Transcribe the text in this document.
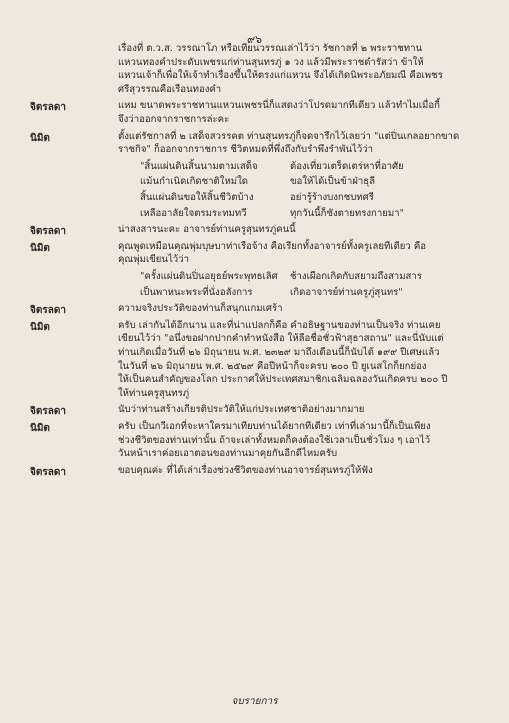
๙๖
เรื่องที่ ต.ว.ส. วรรณาโภ หรือเทียนวรรณเล่าไว้ว่า รัชกาลที่ ๒ พระราชทาน
แหวนทองคำประดับเพชรแก่ท่านสุนทรภู่ ๑ วง แล้วมีพระราชดำรัสว่า ข้าให้
แหวนเจ้าก็เพื่อให้เจ้าทำเรื่องขึ้นให้ตรงแก่แหวน จึงได้เกิดนิพระอภัยมณี คือเพชร
ศรีสุวรรณคือเรือนทองคำ
จิตรลดา	แหม ขนาดพระราชทานแหวนเพชรนี่ก็แสดงว่าโปรดมากทีเดียว แล้วทำไมเมื่อกี้
จึงว่าออกจากราชการล่ะคะ
นิมิต	ตั้งแต่รัชกาลที่ ๒ เสด็จสวรรคต ท่านสุนทรภู่ก็จดจารึกไว้เลยว่า "แต่ปิ่นเกลอยากขาด
ราชกิจ" ก็ออกจากราชการ ชีวิตหมดที่พึ่งถึงกับรำพึงรำพันไว้ว่า
"สิ้นแผ่นดินสิ้นนามตามเสด็จ	ต้องเที่ยวเตร็ดเตร่หาที่อาศัย
แม้นกำเนิดเกิดชาติใหม่ใด	ขอให้ได้เป็นข้าฝ่าธุลี
สิ้นแผ่นดินขอให้สิ้นชีวิตบ้าง	อย่ารู้ร้างบงกชบทศรี
เหลืออาลัยใจตรมระทมทวี	ทุกวันนี้ก็ซังตายทรงกายมา"
จิตรลดา	น่าสงสารนะคะ อาจารย์ท่านครูสุนทรภู่คนนี้
นิมิต	คุณพูดเหมือนคุณพุ่มบุษบาท่าเรือจ้าง คือเรียกทั้งอาจารย์ทั้งครูเลยทีเดียว คือ
คุณพุ่มเขียนไว้ว่า
"ครั้งแผ่นดินปิ่นอยุธย์พระพุทธเลิศ ช้างเผือกเกิดกับสยามถึงสามสาร
เป็นพาหนะพระที่นั่งอลังการ	เกิดอาจารย์ท่านครูภู่สุนทร"
จิตรลดา	ความจริงประวัติของท่านก็สนุกแกมเศร้า
นิมิต	ครับ เล่ากันได้อีกนาน และที่น่าแปลกก็คือ คำอธิษฐานของท่านเป็นจริง ท่านเคย
เขียนไว้ว่า "อนึ่งขอฝากปากคำทำหนังสือ ให้ลือชื่อชั่วฟ้าสุธาสถาน" และนี่นับแต่
ท่านเกิดเมื่อวันที่ ๒๖ มิถุนายน พ.ศ. ๒๓๒๙ มาถึงเดือนนี้ก็นับได้ ๑๙๙ ปีเศษแล้ว
ในวันที่ ๒๖ มิถุนายน พ.ศ. ๒๕๒๙ คือปีหน้าก็จะครบ ๒๐๐ ปี ยูเนสโกก็ยกย่อง
ให้เป็นคนสำคัญของโลก ประกาศให้ประเทศสมาชิกเฉลิมฉลองวันเกิดครบ ๒๐๐ ปี
ให้ท่านครูสุนทรภู่
จิตรลดา	นับว่าท่านสร้างเกียรติประวัติให้แก่ประเทศชาติอย่างมากมาย
นิมิต	ครับ เป็นกวีเอกที่จะหาใครมาเทียบท่านได้ยากทีเดียว เท่าที่เล่ามานี้ก็เป็นเพียง
ช่วงชีวิตของท่านเท่านั้น ถ้าจะเล่าทั้งหมดก็คงต้องใช้เวลาเป็นชั่วโมง ๆ เอาไว้
วันหน้าเราค่อยเอาตอนของท่านมาคุยกันอีกดีไหมครับ
จิตรลดา	ขอบคุณค่ะ ที่ได้เล่าเรื่องช่วงชีวิตของท่านอาจารย์สุนทรภู่ให้ฟัง
จบรายการ
